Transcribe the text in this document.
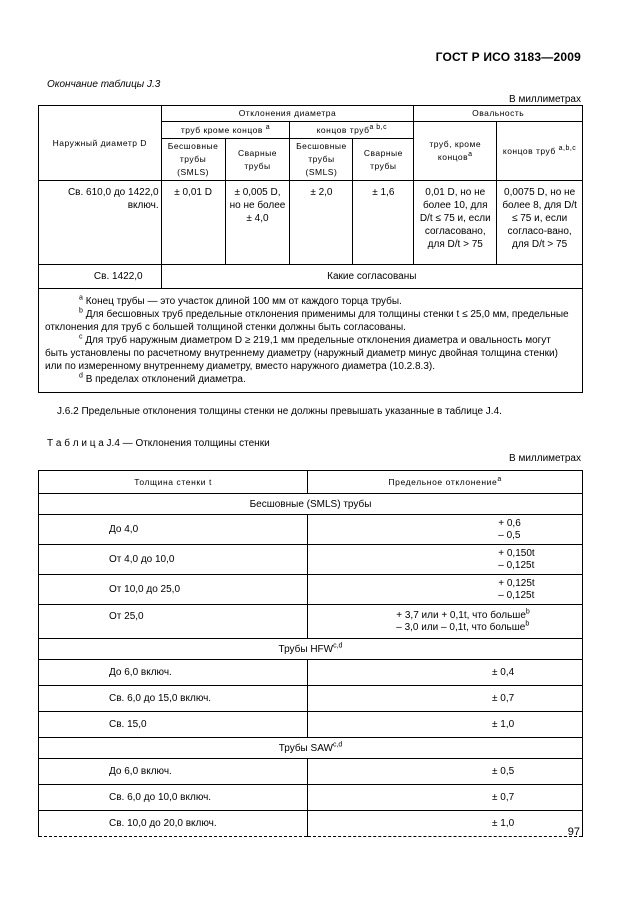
ГОСТ Р ИСО 3183—2009
Окончание таблицы J.3
В миллиметрах
Наружный диаметр D	Отклонения диаметра				Овальность	
	труб кроме концов $^a$		концов труб$^{a b,c}$		труб, кроме концов$^a$	концов труб $^{a,b,c}$
	Бесшовные трубы (SMLS)	Сварные трубы	Бесшовные трубы (SMLS)	Сварные трубы		
Св. 610,0 до 1422,0 включ.	± 0,01 D	± 0,005 D, но не более ± 4,0	± 2,0	± 1,6	0,01 D, но не более 10, для D/t ≤ 75 и, если согласовано, для D/t > 75	0,0075 D, но не более 8, для D/t ≤ 75 и, если согласо-вано, для D/t > 75
Св. 1422,0	Какие согласованы					

$^a$ Конец трубы — это участок длиной 100 мм от каждого торца трубы.
$^b$ Для бесшовных труб предельные отклонения применимы для толщины стенки t ≤ 25,0 мм, предельные отклонения для труб с большей толщиной стенки должны быть согласованы.
$^c$ Для труб наружным диаметром D ≥ 219,1 мм предельные отклонения диаметра и овальность могут быть установлены по расчетному внутреннему диаметру (наружный диаметр минус двойная толщина стенки) или по измеренному внутреннему диаметру, вместо наружного диаметра (10.2.8.3).
$^d$ В пределах отклонений диаметра.						
J.6.2 Предельные отклонения толщины стенки не должны превышать указанные в таблице J.4.
Т а б л и ц а J.4 — Отклонения толщины стенки
В миллиметрах
Толщина стенки t	Предельное отклонение$^a$
Бесшовные (SMLS) трубы	
До 4,0	+ 0,6
– 0,5

От 4,0 до 10,0	+ 0,150t
– 0,125t

От 10,0 до 25,0	+ 0,125t
– 0,125t

От 25,0	+ 3,7 или + 0,1t, что больше$^b$
– 3,0 или – 0,1t, что больше$^b$

Трубы HFW$^{c,d}$
До 6,0 включ.	± 0,4
Св. 6,0 до 15,0 включ.	± 0,7
Св. 15,0	± 1,0
Трубы SAW$^{c,d}$
До 6,0 включ.	± 0,5
Св. 6,0 до 10,0 включ.	± 0,7
Св. 10,0 до 20,0 включ.	± 1,0
97
